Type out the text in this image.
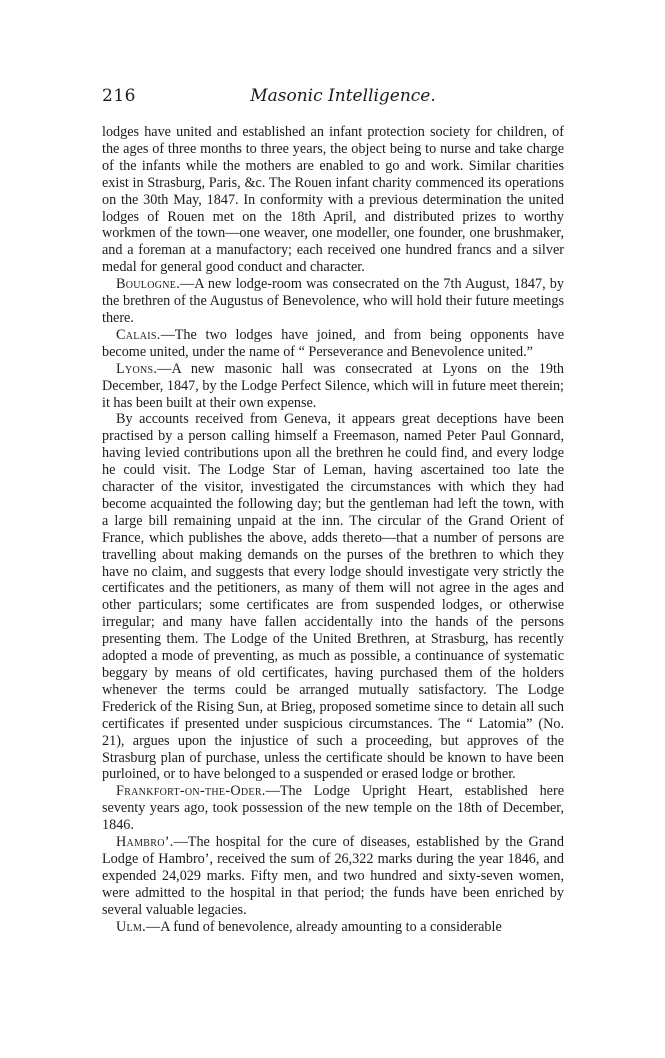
216	Masonic Intelligence.

lodges have united and established an infant protection society for children, of the ages of three months to three years, the object being to nurse and take charge of the infants while the mothers are enabled to go and work. Similar charities exist in Strasburg, Paris, &c. The Rouen infant charity commenced its operations on the 30th May, 1847. In conformity with a previous determination the united lodges of Rouen met on the 18th April, and distributed prizes to worthy workmen of the town—one weaver, one modeller, one founder, one brushmaker, and a foreman at a manufactory; each received one hundred francs and a silver medal for general good conduct and character.

Boulogne.—A new lodge-room was consecrated on the 7th August, 1847, by the brethren of the Augustus of Benevolence, who will hold their future meetings there.

Calais.—The two lodges have joined, and from being opponents have become united, under the name of “ Perseverance and Benevolence united.”

Lyons.—A new masonic hall was consecrated at Lyons on the 19th December, 1847, by the Lodge Perfect Silence, which will in future meet therein; it has been built at their own expense.

By accounts received from Geneva, it appears great deceptions have been practised by a person calling himself a Freemason, named Peter Paul Gonnard, having levied contributions upon all the brethren he could find, and every lodge he could visit. The Lodge Star of Leman, having ascertained too late the character of the visitor, investigated the circumstances with which they had become acquainted the following day; but the gentleman had left the town, with a large bill remaining unpaid at the inn. The circular of the Grand Orient of France, which publishes the above, adds thereto—that a number of persons are travelling about making demands on the purses of the brethren to which they have no claim, and suggests that every lodge should investigate very strictly the certificates and the petitioners, as many of them will not agree in the ages and other particulars; some certificates are from suspended lodges, or otherwise irregular; and many have fallen accidentally into the hands of the persons presenting them. The Lodge of the United Brethren, at Strasburg, has recently adopted a mode of preventing, as much as possible, a continuance of systematic beggary by means of old certificates, having purchased them of the holders whenever the terms could be arranged mutually satisfactory. The Lodge Frederick of the Rising Sun, at Brieg, proposed sometime since to detain all such certificates if presented under suspicious circumstances. The “ Latomia” (No. 21), argues upon the injustice of such a proceeding, but approves of the Strasburg plan of purchase, unless the certificate should be known to have been purloined, or to have belonged to a suspended or erased lodge or brother.

Frankfort-on-the-Oder.—The Lodge Upright Heart, established here seventy years ago, took possession of the new temple on the 18th of December, 1846.

Hambro’.—The hospital for the cure of diseases, established by the Grand Lodge of Hambro’, received the sum of 26,322 marks during the year 1846, and expended 24,029 marks. Fifty men, and two hundred and sixty-seven women, were admitted to the hospital in that period; the funds have been enriched by several valuable legacies.

Ulm.—A fund of benevolence, already amounting to a considerable
